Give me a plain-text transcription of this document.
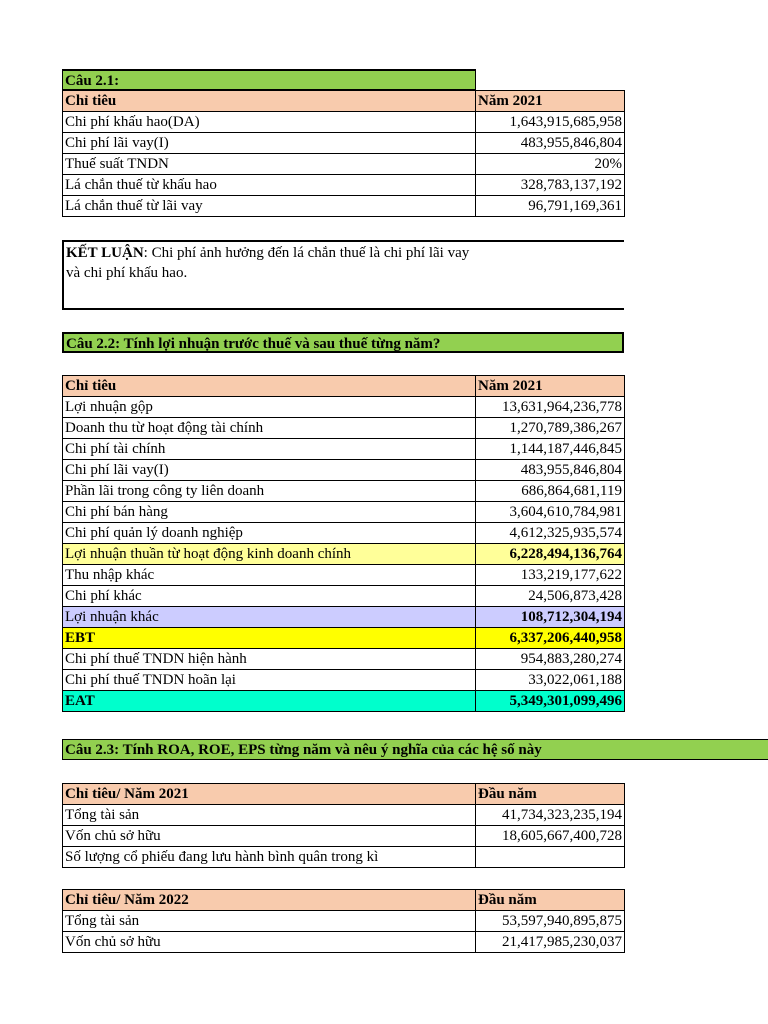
Câu 2.1:
Chỉ tiêu	Năm 2021
Chi phí khấu hao(DA)	1,643,915,685,958
Chi phí lãi vay(I)	483,955,846,804
Thuế suất TNDN	20%
Lá chắn thuế từ khấu hao	328,783,137,192
Lá chắn thuế từ lãi vay	96,791,169,361
KẾT LUẬN: Chi phí ảnh hưởng đến lá chắn thuế là chi phí lãi vay
và chi phí khấu hao.
Câu 2.2: Tính lợi nhuận trước thuế và sau thuế từng năm?
Chỉ tiêu	Năm 2021
Lợi nhuận gộp	13,631,964,236,778
Doanh thu từ hoạt động tài chính	1,270,789,386,267
Chi phí tài chính	1,144,187,446,845
Chi phí lãi vay(I)	483,955,846,804
Phần lãi trong công ty liên doanh	686,864,681,119
Chi phí bán hàng	3,604,610,784,981
Chi phí quản lý doanh nghiệp	4,612,325,935,574
Lợi nhuận thuần từ hoạt động kinh doanh chính	6,228,494,136,764
Thu nhập khác	133,219,177,622
Chi phí khác	24,506,873,428
Lợi nhuận khác	108,712,304,194
EBT	6,337,206,440,958
Chi phí thuế TNDN hiện hành	954,883,280,274
Chi phí thuế TNDN hoãn lại	33,022,061,188
EAT	5,349,301,099,496
Câu 2.3: Tính ROA, ROE, EPS từng năm và nêu ý nghĩa của các hệ số này
Chỉ tiêu/ Năm 2021	Đầu năm
Tổng tài sản	41,734,323,235,194
Vốn chủ sở hữu	18,605,667,400,728
Số lượng cổ phiếu đang lưu hành bình quân trong kì	
Chỉ tiêu/ Năm 2022	Đầu năm
Tổng tài sản	53,597,940,895,875
Vốn chủ sở hữu	21,417,985,230,037
